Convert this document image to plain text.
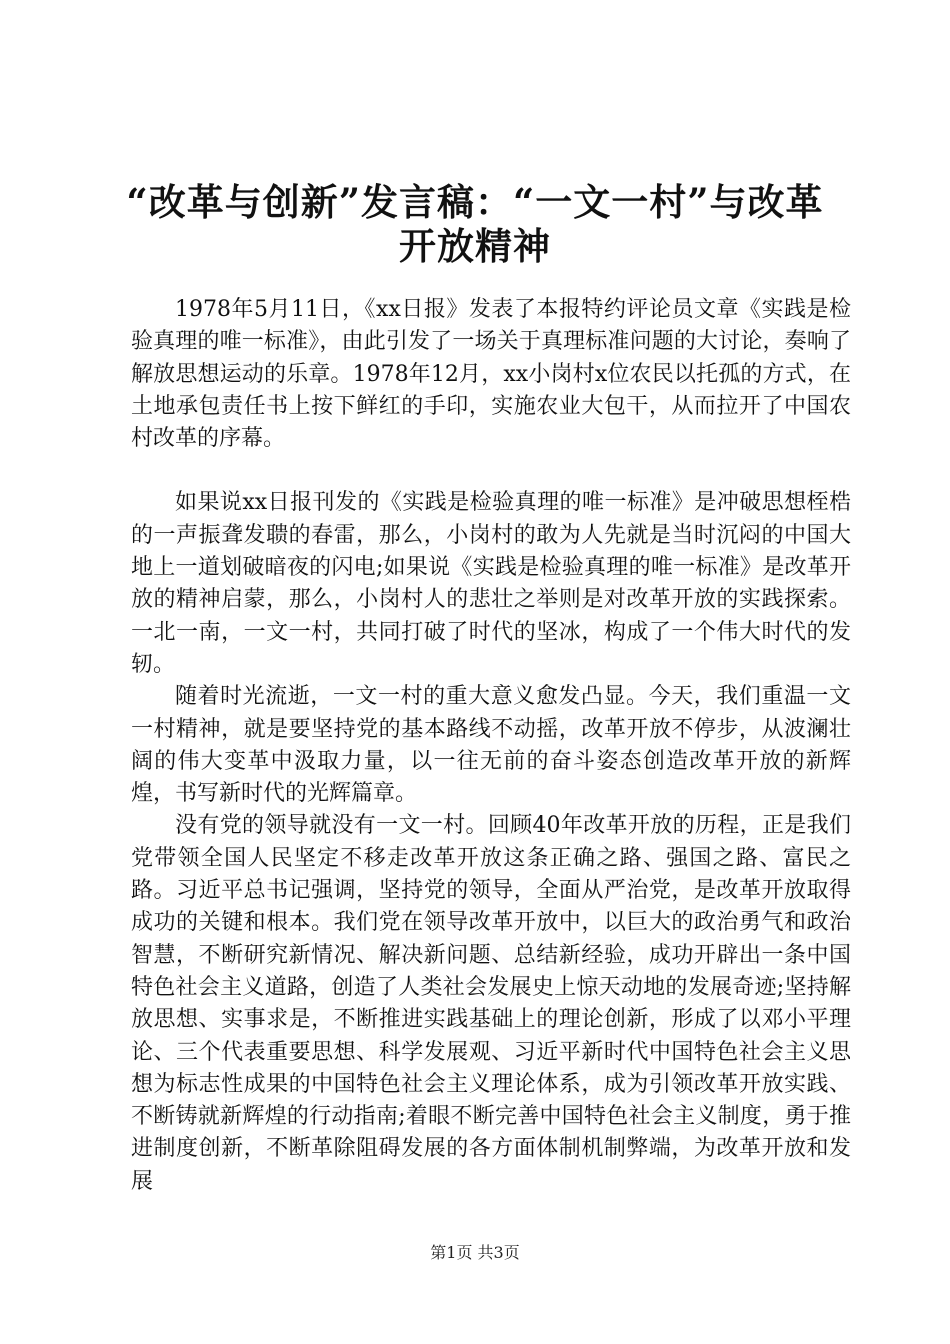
“改革与创新”发言稿：“一文一村”与改革
开放精神

1978年5月11日，《xx日报》发表了本报特约评论员文章《实践是检验真理的唯一标准》，由此引发了一场关于真理标准问题的大讨论，奏响了解放思想运动的乐章。1978年12月，xx小岗村x位农民以托孤的方式，在土地承包责任书上按下鲜红的手印，实施农业大包干，从而拉开了中国农村改革的序幕。

如果说xx日报刊发的《实践是检验真理的唯一标准》是冲破思想桎梏的一声振聋发聩的春雷，那么，小岗村的敢为人先就是当时沉闷的中国大地上一道划破暗夜的闪电;如果说《实践是检验真理的唯一标准》是改革开放的精神启蒙，那么，小岗村人的悲壮之举则是对改革开放的实践探索。一北一南，一文一村，共同打破了时代的坚冰，构成了一个伟大时代的发轫。

随着时光流逝，一文一村的重大意义愈发凸显。今天，我们重温一文一村精神，就是要坚持党的基本路线不动摇，改革开放不停步，从波澜壮阔的伟大变革中汲取力量，以一往无前的奋斗姿态创造改革开放的新辉煌，书写新时代的光辉篇章。

没有党的领导就没有一文一村。回顾40年改革开放的历程，正是我们党带领全国人民坚定不移走改革开放这条正确之路、强国之路、富民之路。习近平总书记强调，坚持党的领导，全面从严治党，是改革开放取得成功的关键和根本。我们党在领导改革开放中，以巨大的政治勇气和政治智慧，不断研究新情况、解决新问题、总结新经验，成功开辟出一条中国特色社会主义道路，创造了人类社会发展史上惊天动地的发展奇迹;坚持解放思想、实事求是，不断推进实践基础上的理论创新，形成了以邓小平理论、三个代表重要思想、科学发展观、习近平新时代中国特色社会主义思想为标志性成果的中国特色社会主义理论体系，成为引领改革开放实践、不断铸就新辉煌的行动指南;着眼不断完善中国特色社会主义制度，勇于推进制度创新，不断革除阻碍发展的各方面体制机制弊端，为改革开放和发展

第1页 共3页
